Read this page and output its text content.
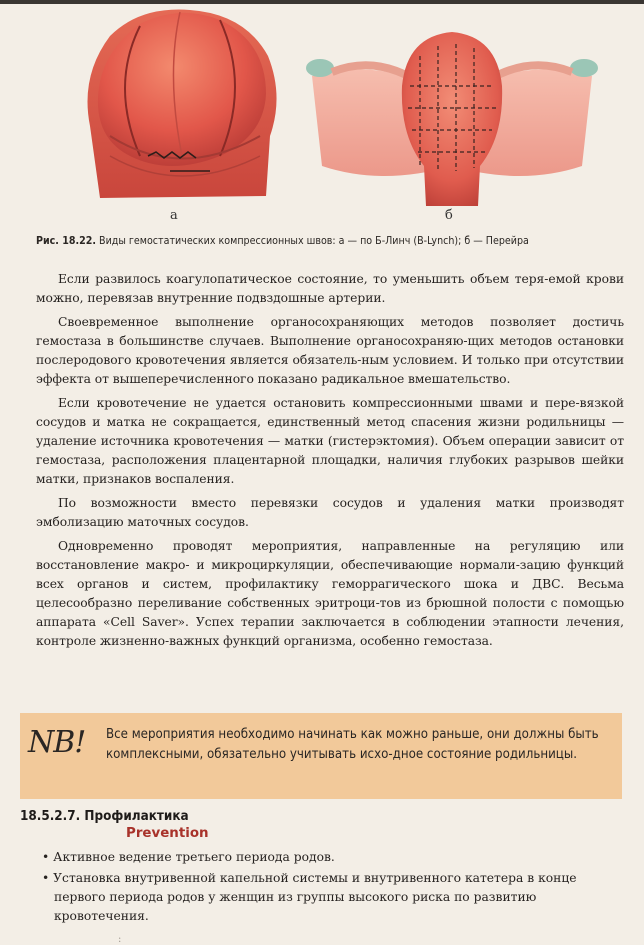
а	б
Рис. 18.22. Виды гемостатических компрессионных швов: а — по Б-Линч (B-Lynch); б — Перейра

Если развилось коагулопатическое состояние, то уменьшить объем теря-емой крови можно, перевязав внутренние подвздошные артерии.

Своевременное выполнение органосохраняющих методов позволяет достичь гемостаза в большинстве случаев. Выполнение органосохраняю-щих методов остановки послеродового кровотечения является обязатель-ным условием. И только при отсутствии эффекта от вышеперечисленного показано радикальное вмешательство.

Если кровотечение не удается остановить компрессионными швами и пере-вязкой сосудов и матка не сокращается, единственный метод спасения жизни родильницы — удаление источника кровотечения — матки (гистерэктомия). Объем операции зависит от гемостаза, расположения плацентарной площадки, наличия глубоких разрывов шейки матки, признаков воспаления.

По возможности вместо перевязки сосудов и удаления матки производят эмболизацию маточных сосудов.

Одновременно проводят мероприятия, направленные на регуляцию или восстановление макро- и микроциркуляции, обеспечивающие нормали-зацию функций всех органов и систем, профилактику геморрагического шока и ДВС. Весьма целесообразно переливание собственных эритроци-тов из брюшной полости с помощью аппарата «Cell Saver». Успех терапии заключается в соблюдении этапности лечения, контроле жизненно-важных функций организма, особенно гемостаза.

NB! Все мероприятия необходимо начинать как можно раньше, они должны быть комплексными, обязательно учитывать исхо-дное состояние родильницы.
18.5.2.7. Профилактика
Prevention
• Активное ведение третьего периода родов.
• Установка внутривенной капельной системы и внутривенного катетера в конце первого периода родов у женщин из группы высокого риска по развитию кровотечения.
:
